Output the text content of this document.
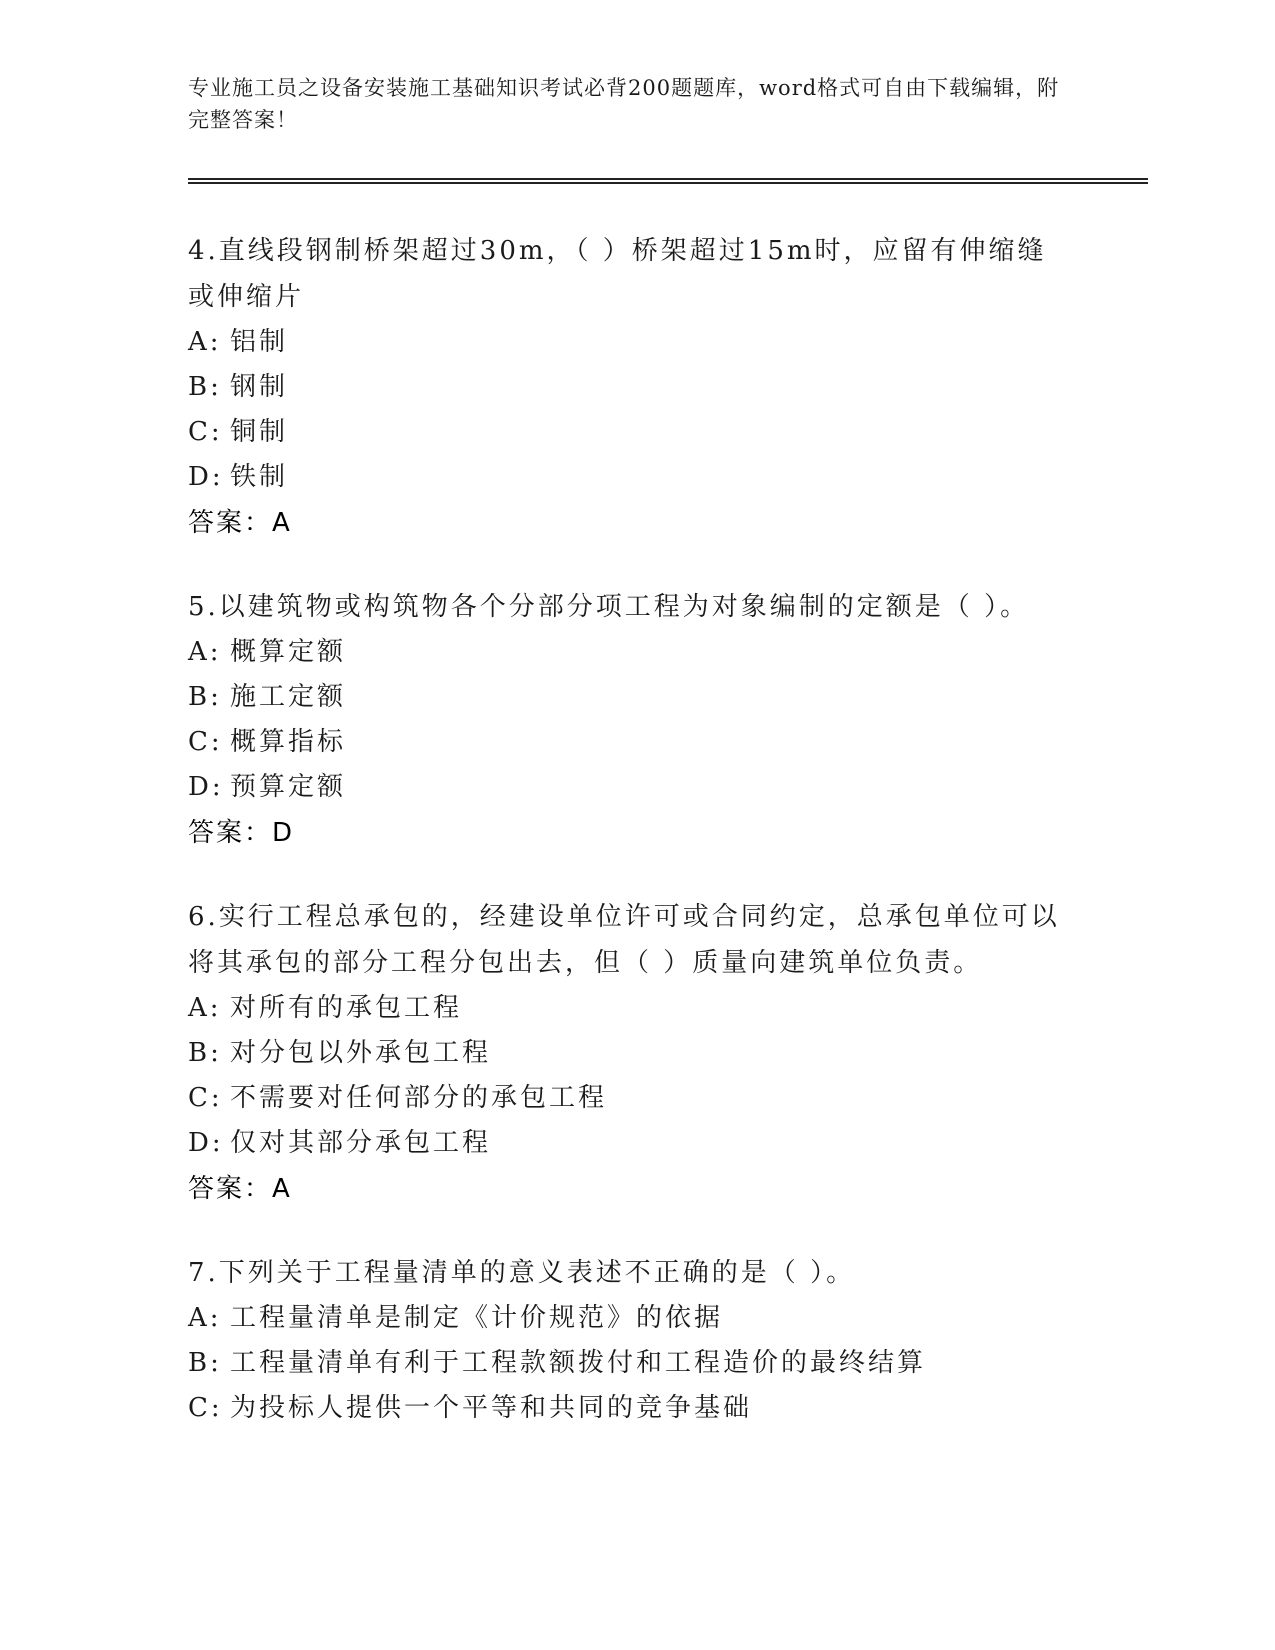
专业施工员之设备安装施工基础知识考试必背200题题库，word格式可自由下载编辑，附完整答案！
4.直线段钢制桥架超过30m，（ ）桥架超过15m时，应留有伸缩缝或伸缩片
A: 铝制
B: 钢制
C: 铜制
D: 铁制
答案：A
5.以建筑物或构筑物各个分部分项工程为对象编制的定额是（ ）。
A: 概算定额
B: 施工定额
C: 概算指标
D: 预算定额
答案：D
6.实行工程总承包的，经建设单位许可或合同约定，总承包单位可以将其承包的部分工程分包出去，但（ ）质量向建筑单位负责。
A: 对所有的承包工程
B: 对分包以外承包工程
C: 不需要对任何部分的承包工程
D: 仅对其部分承包工程
答案：A
7.下列关于工程量清单的意义表述不正确的是（ ）。
A: 工程量清单是制定《计价规范》的依据
B: 工程量清单有利于工程款额拨付和工程造价的最终结算
C: 为投标人提供一个平等和共同的竞争基础
